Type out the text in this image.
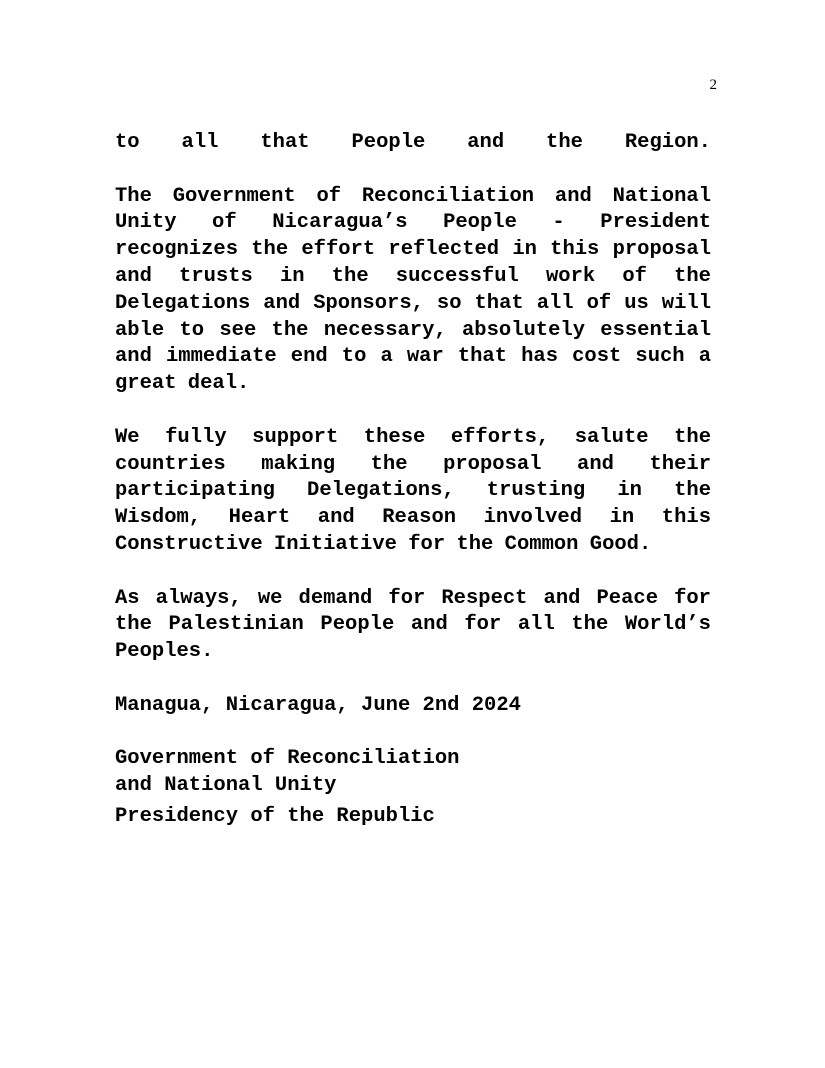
2

to all that People and the Region.

The Government of Reconciliation and National Unity of Nicaragua’s People - President recognizes the effort reflected in this proposal and trusts in the successful work of the Delegations and Sponsors, so that all of us will able to see the necessary, absolutely essential and immediate end to a war that has cost such a great deal.

We fully support these efforts, salute the countries making the proposal and their participating Delegations, trusting in the Wisdom, Heart and Reason involved in this Constructive Initiative for the Common Good.

As always, we demand for Respect and Peace for the Palestinian People and for all the World’s Peoples.

Managua, Nicaragua, June 2nd 2024

Government of Reconciliation

and National Unity

Presidency of the Republic
